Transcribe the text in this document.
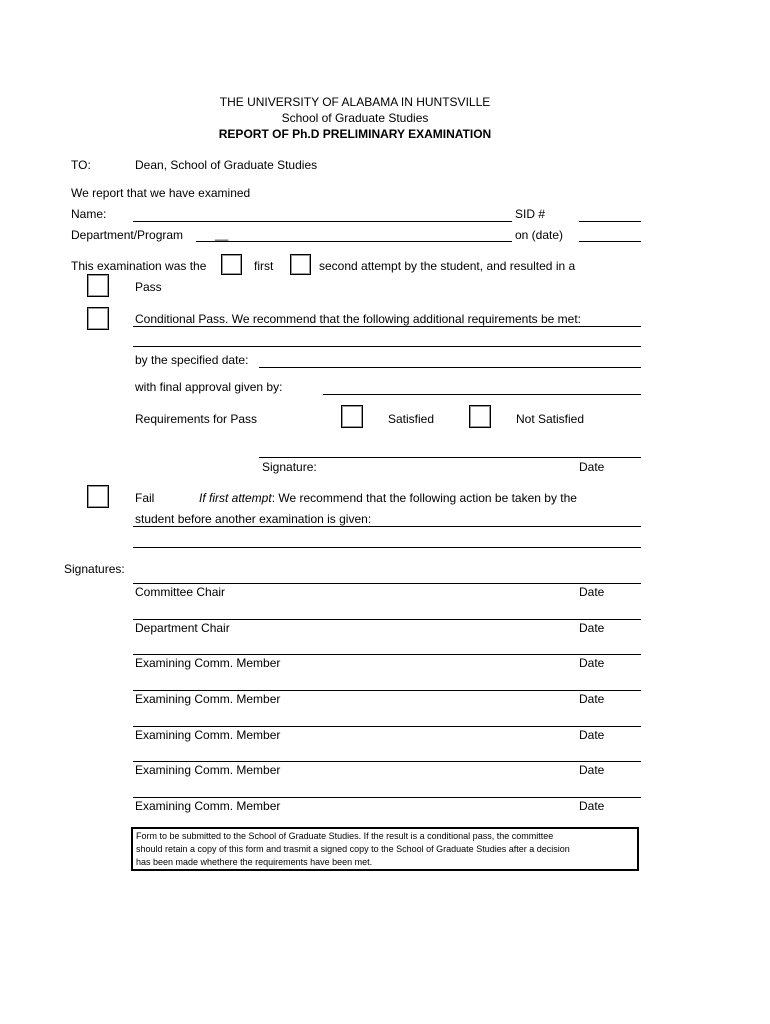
THE UNIVERSITY OF ALABAMA IN HUNTSVILLE
School of Graduate Studies
REPORT OF Ph.D PRELIMINARY EXAMINATION
TO:	Dean, School of Graduate Studies
We report that we have examined
Name:	SID #
Department/Program	__	on (date)
This examination was the	first	second attempt by the student, and resulted in a
Pass
Conditional Pass. We recommend that the following additional requirements be met:
by the specified date:
with final approval given by:
Requirements for Pass	Satisfied	Not Satisfied
Signature:	Date
Fail	If first attempt: We recommend that the following action be taken by the
student before another examination is given:
Signatures:
Committee Chair	Date
Department Chair	Date
Examining Comm. Member	Date
Examining Comm. Member	Date
Examining Comm. Member	Date
Examining Comm. Member	Date
Examining Comm. Member	Date
Form to be submitted to the School of Graduate Studies. If the result is a conditional pass, the committee
should retain a copy of this form and trasmit a signed copy to the School of Graduate Studies after a decision
has been made whethere the requirements have been met.
